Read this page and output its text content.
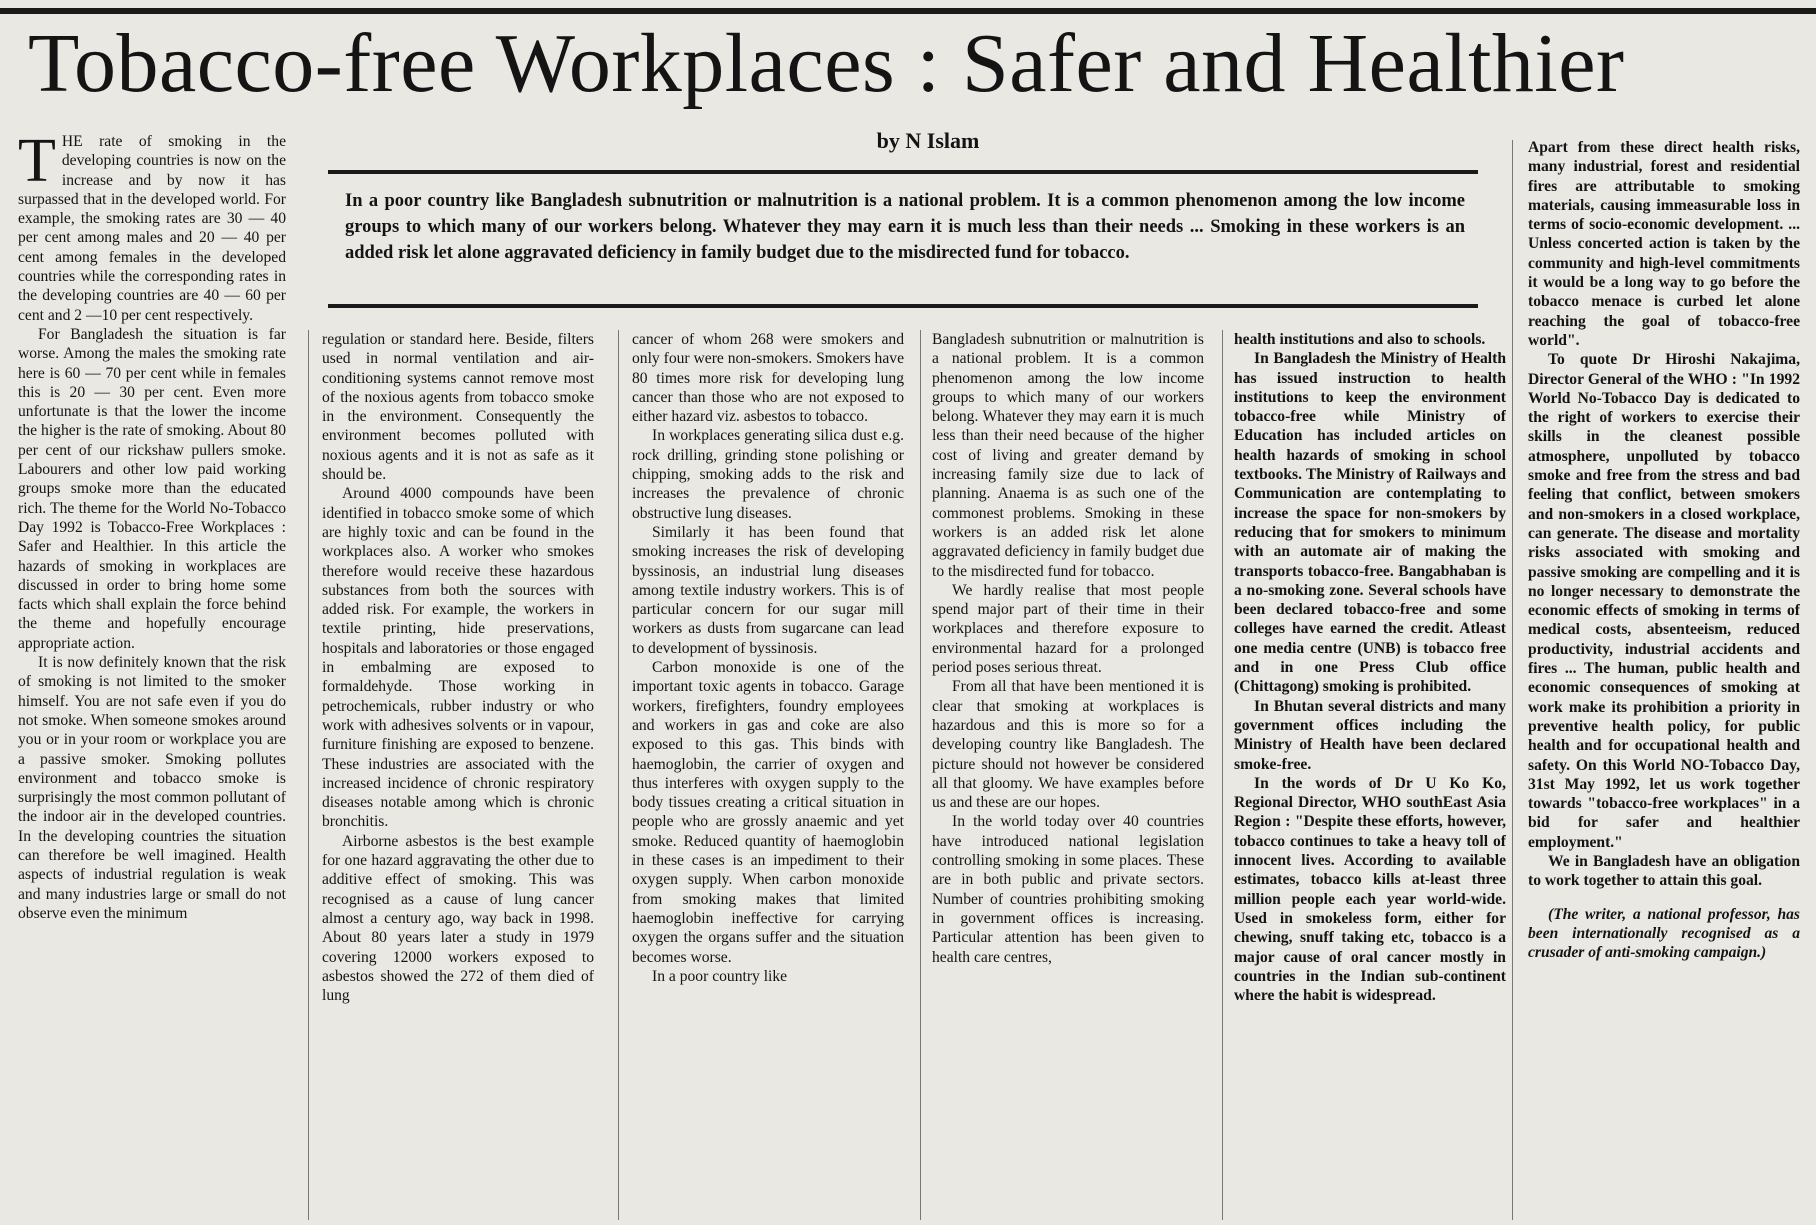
Tobacco-free Workplaces : Safer and Healthier
by N Islam
In a poor country like Bangladesh subnutrition or malnutrition is a national problem. It is a common phenomenon among the low income groups to which many of our workers belong. Whatever they may earn it is much less than their needs ... Smoking in these workers is an added risk let alone aggravated deficiency in family budget due to the misdirected fund for tobacco.
T HE rate of smoking in the developing countries is now on the increase and by now it has surpassed that in the developed world. For example, the smoking rates are 30 — 40 per cent among males and 20 — 40 per cent among females in the developed countries while the corresponding rates in the developing countries are 40 — 60 per cent and 2 —10 per cent respectively.

For Bangladesh the situation is far worse. Among the males the smoking rate here is 60 — 70 per cent while in females this is 20 — 30 per cent. Even more unfortunate is that the lower the income the higher is the rate of smoking. About 80 per cent of our rickshaw pullers smoke. Labourers and other low paid working groups smoke more than the educated rich. The theme for the World No-Tobacco Day 1992 is Tobacco-Free Workplaces : Safer and Healthier. In this article the hazards of smoking in workplaces are discussed in order to bring home some facts which shall explain the force behind the theme and hopefully encourage appropriate action.

It is now definitely known that the risk of smoking is not limited to the smoker himself. You are not safe even if you do not smoke. When someone smokes around you or in your room or workplace you are a passive smoker. Smoking pollutes environment and tobacco smoke is surprisingly the most common pollutant of the indoor air in the developed countries. In the developing countries the situation can therefore be well imagined. Health aspects of industrial regulation is weak and many industries large or small do not observe even the minimum

regulation or standard here. Beside, filters used in normal ventilation and air-conditioning systems cannot remove most of the noxious agents from tobacco smoke in the environment. Consequently the environment becomes polluted with noxious agents and it is not as safe as it should be.

Around 4000 compounds have been identified in tobacco smoke some of which are highly toxic and can be found in the workplaces also. A worker who smokes therefore would receive these hazardous substances from both the sources with added risk. For example, the workers in textile printing, hide preservations, hospitals and laboratories or those engaged in embalming are exposed to formaldehyde. Those working in petrochemicals, rubber industry or who work with adhesives solvents or in vapour, furniture finishing are exposed to benzene. These industries are associated with the increased incidence of chronic respiratory diseases notable among which is chronic bronchitis.

Airborne asbestos is the best example for one hazard aggravating the other due to additive effect of smoking. This was recognised as a cause of lung cancer almost a century ago, way back in 1998. About 80 years later a study in 1979 covering 12000 workers exposed to asbestos showed the 272 of them died of lung

cancer of whom 268 were smokers and only four were non-smokers. Smokers have 80 times more risk for developing lung cancer than those who are not exposed to either hazard viz. asbestos to tobacco.

In workplaces generating silica dust e.g. rock drilling, grinding stone polishing or chipping, smoking adds to the risk and increases the prevalence of chronic obstructive lung diseases.

Similarly it has been found that smoking increases the risk of developing byssinosis, an industrial lung diseases among textile industry workers. This is of particular concern for our sugar mill workers as dusts from sugarcane can lead to development of byssinosis.

Carbon monoxide is one of the important toxic agents in tobacco. Garage workers, firefighters, foundry employees and workers in gas and coke are also exposed to this gas. This binds with haemoglobin, the carrier of oxygen and thus interferes with oxygen supply to the body tissues creating a critical situation in people who are grossly anaemic and yet smoke. Reduced quantity of haemoglobin in these cases is an impediment to their oxygen supply. When carbon monoxide from smoking makes that limited haemoglobin ineffective for carrying oxygen the organs suffer and the situation becomes worse.

In a poor country like

Bangladesh subnutrition or malnutrition is a national problem. It is a common phenomenon among the low income groups to which many of our workers belong. Whatever they may earn it is much less than their need because of the higher cost of living and greater demand by increasing family size due to lack of planning. Anaema is as such one of the commonest problems. Smoking in these workers is an added risk let alone aggravated deficiency in family budget due to the misdirected fund for tobacco.

We hardly realise that most people spend major part of their time in their workplaces and therefore exposure to environmental hazard for a prolonged period poses serious threat.

From all that have been mentioned it is clear that smoking at workplaces is hazardous and this is more so for a developing country like Bangladesh. The picture should not however be considered all that gloomy. We have examples before us and these are our hopes.

In the world today over 40 countries have introduced national legislation controlling smoking in some places. These are in both public and private sectors. Number of countries prohibiting smoking in government offices is increasing. Particular attention has been given to health care centres,

health institutions and also to schools.

In Bangladesh the Ministry of Health has issued instruction to health institutions to keep the environment tobacco-free while Ministry of Education has included articles on health hazards of smoking in school textbooks. The Ministry of Railways and Communication are contemplating to increase the space for non-smokers by reducing that for smokers to minimum with an automate air of making the transports tobacco-free. Bangabhaban is a no-smoking zone. Several schools have been declared tobacco-free and some colleges have earned the credit. Atleast one media centre (UNB) is tobacco free and in one Press Club office (Chittagong) smoking is prohibited.

In Bhutan several districts and many government offices including the Ministry of Health have been declared smoke-free.

In the words of Dr U Ko Ko, Regional Director, WHO southEast Asia Region : "Despite these efforts, however, tobacco continues to take a heavy toll of innocent lives. According to available estimates, tobacco kills at-least three million people each year world-wide. Used in smokeless form, either for chewing, snuff taking etc, tobacco is a major cause of oral cancer mostly in countries in the Indian sub-continent where the habit is widespread.

Apart from these direct health risks, many industrial, forest and residential fires are attributable to smoking materials, causing immeasurable loss in terms of socio-economic development. ... Unless concerted action is taken by the community and high-level commitments it would be a long way to go before the tobacco menace is curbed let alone reaching the goal of tobacco-free world".

To quote Dr Hiroshi Nakajima, Director General of the WHO : "In 1992 World No-Tobacco Day is dedicated to the right of workers to exercise their skills in the cleanest possible atmosphere, unpolluted by tobacco smoke and free from the stress and bad feeling that conflict, between smokers and non-smokers in a closed workplace, can generate. The disease and mortality risks associated with smoking and passive smoking are compelling and it is no longer necessary to demonstrate the economic effects of smoking in terms of medical costs, absenteeism, reduced productivity, industrial accidents and fires ... The human, public health and economic consequences of smoking at work make its prohibition a priority in preventive health policy, for public health and for occupational health and safety. On this World NO-Tobacco Day, 31st May 1992, let us work together towards "tobacco-free workplaces" in a bid for safer and healthier employment."

We in Bangladesh have an obligation to work together to attain this goal.

(The writer, a national professor, has been internationally recognised as a crusader of anti-smoking campaign.)
